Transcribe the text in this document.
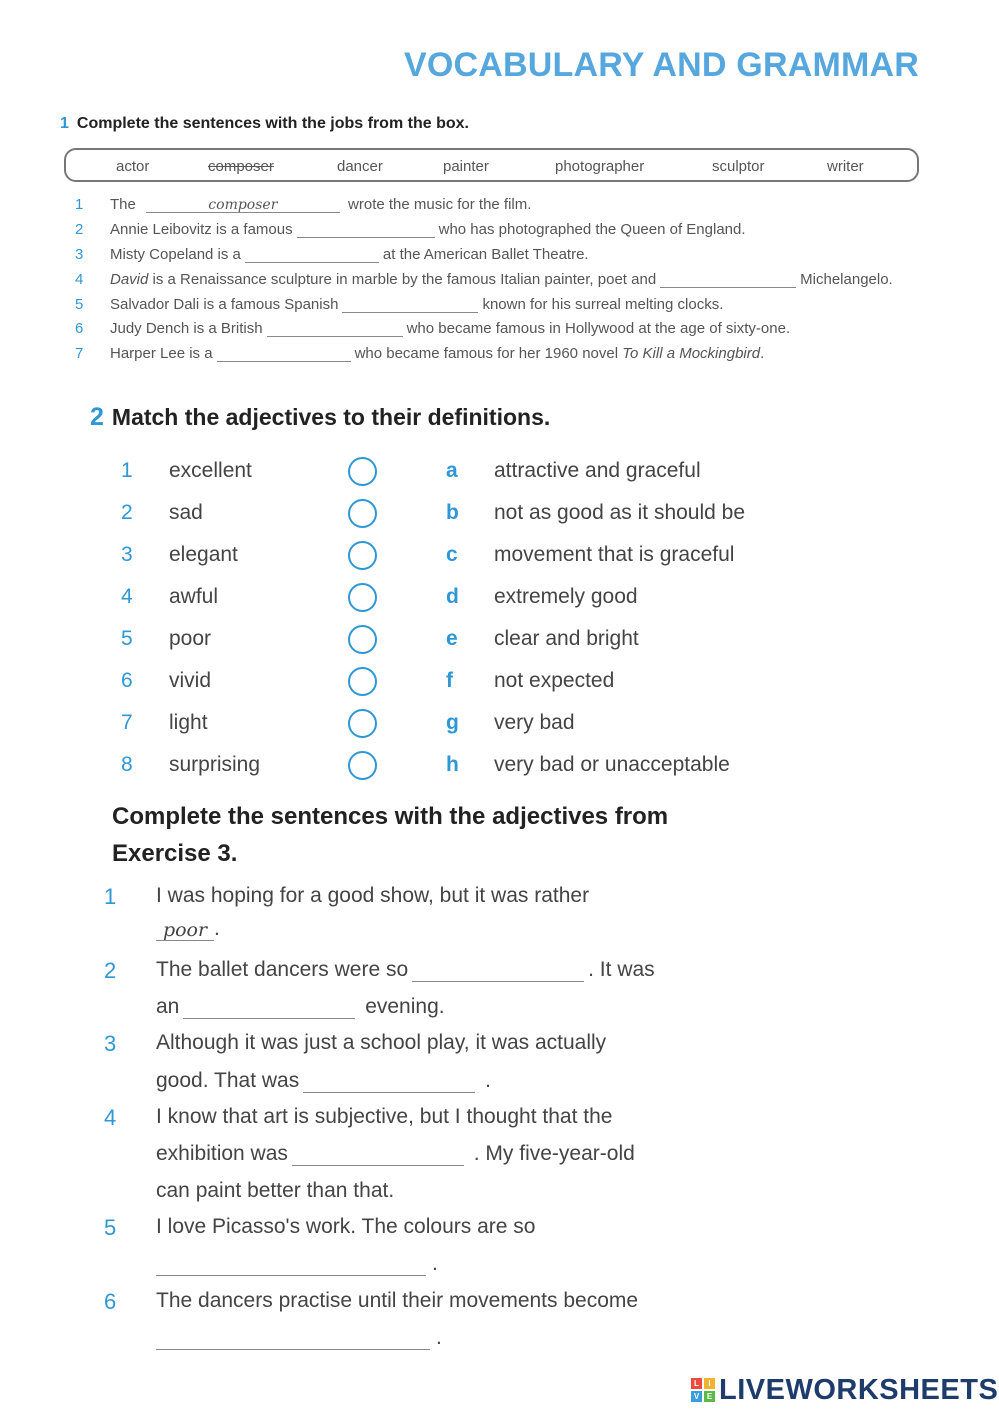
VOCABULARY AND GRAMMAR
1 Complete the sentences with the jobs from the box.
actor	composer	dancer	painter	photographer	sculptor	writer
1 The	composer	wrote the music for the film.
2 Annie Leibovitz is a famous	who has photographed the Queen of England.
3 Misty Copeland is a	at the American Ballet Theatre.
4 David is a Renaissance sculpture in marble by the famous Italian painter, poet and	Michelangelo.
5 Salvador Dali is a famous Spanish	known for his surreal melting clocks.
6 Judy Dench is a British	who became famous in Hollywood at the age of sixty-one.
7 Harper Lee is a	who became famous for her 1960 novel To Kill a Mockingbird.
2 Match the adjectives to their definitions.
1 excellent	a attractive and graceful
2 sad	b not as good as it should be
3 elegant	c movement that is graceful
4 awful	d extremely good
5 poor	e clear and bright
6 vivid	f not expected
7 light	g very bad
8 surprising	h very bad or unacceptable
Complete the sentences with the adjectives from Exercise 3.
1 I was hoping for a good show, but it was rather
poor .
2 The ballet dancers were so	. It was
an	evening.
3 Although it was just a school play, it was actually
good. That was	.
4 I know that art is subjective, but I thought that the
exhibition was	. My five-year-old
can paint better than that.
5 I love Picasso's work. The colours are so
.
6 The dancers practise until their movements become
.
L	I
V E LIVEWORKSHEETS
